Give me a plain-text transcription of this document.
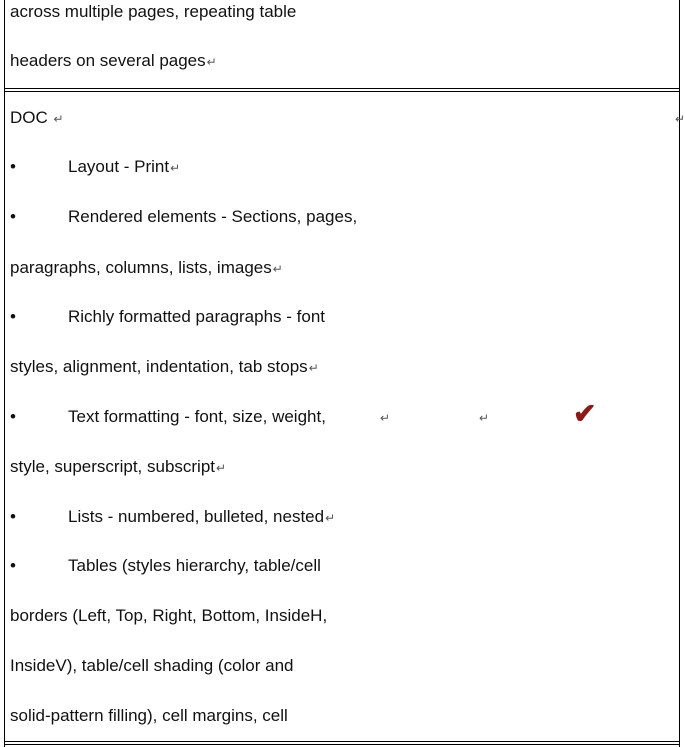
across multiple pages, repeating table
headers on several pages↵
DOC ↵	↵
•	Layout - Print↵
•	Rendered elements - Sections, pages,
paragraphs, columns, lists, images↵
•	Richly formatted paragraphs - font
styles, alignment, indentation, tab stops↵
•	Text formatting - font, size, weight,	↵	↵	✔
style, superscript, subscript↵
•	Lists - numbered, bulleted, nested↵
•	Tables (styles hierarchy, table/cell
borders (Left, Top, Right, Bottom, InsideH,
InsideV), table/cell shading (color and
solid-pattern filling), cell margins, cell
